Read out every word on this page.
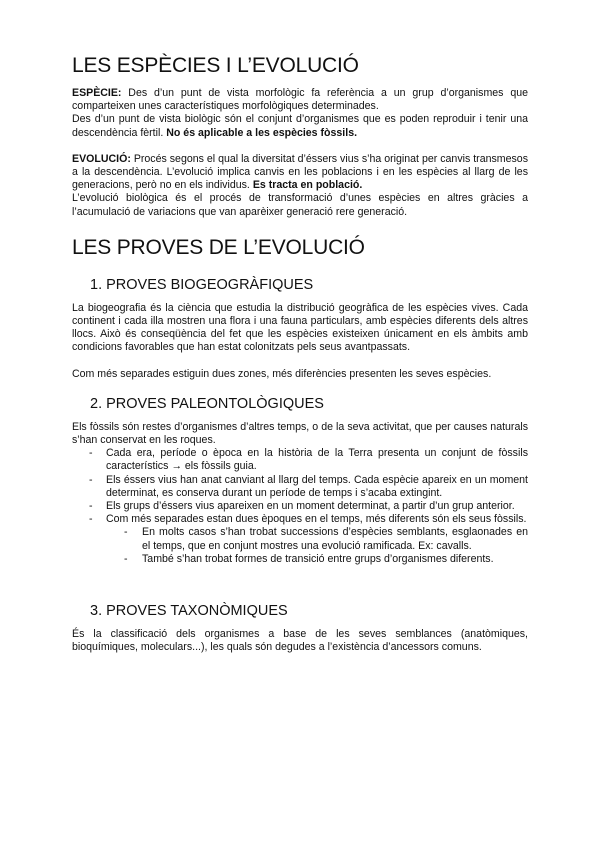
LES ESPÈCIES I L’EVOLUCIÓ

ESPÈCIE: Des d’un punt de vista morfològic fa referència a un grup d’organismes que comparteixen unes característiques morfològiques determinades.

Des d’un punt de vista biològic són el conjunt d’organismes que es poden reproduir i tenir una descendència fèrtil. No és aplicable a les espècies fòssils.

EVOLUCIÓ: Procés segons el qual la diversitat d’éssers vius s’ha originat per canvis transmesos a la descendència. L’evolució implica canvis en les poblacions i en les espècies al llarg de les generacions, però no en els individus. Es tracta en població.

L’evolució biològica és el procés de transformació d’unes espècies en altres gràcies a l’acumulació de variacions que van aparèixer generació rere generació.

LES PROVES DE L’EVOLUCIÓ
1. PROVES BIOGEOGRÀFIQUES

La biogeografia és la ciència que estudia la distribució geogràfica de les espècies vives. Cada continent i cada illa mostren una flora i una fauna particulars, amb espècies diferents dels altres llocs. Això és conseqüència del fet que les espècies existeixen únicament en els àmbits amb condicions favorables que han estat colonitzats pels seus avantpassats.

Com més separades estiguin dues zones, més diferències presenten les seves espècies.

2. PROVES PALEONTOLÒGIQUES

Els fòssils són restes d’organismes d’altres temps, o de la seva activitat, que per causes naturals s’han conservat en les roques.

- Cada era, període o època en la història de la Terra presenta un conjunt de fòssils característics → els fòssils guia.
- Els éssers vius han anat canviant al llarg del temps. Cada espècie apareix en un moment determinat, es conserva durant un període de temps i s’acaba extingint.
- Els grups d’éssers vius apareixen en un moment determinat, a partir d’un grup anterior.
- Com més separades estan dues èpoques en el temps, més diferents són els seus fòssils.
- En molts casos s’han trobat successions d’espècies semblants, esglaonades en el temps, que en conjunt mostres una evolució ramificada. Ex: cavalls.
- També s’han trobat formes de transició entre grups d’organismes diferents.
3. PROVES TAXONÒMIQUES

És la classificació dels organismes a base de les seves semblances (anatòmiques, bioquímiques, moleculars...), les quals són degudes a l’existència d’ancessors comuns.
